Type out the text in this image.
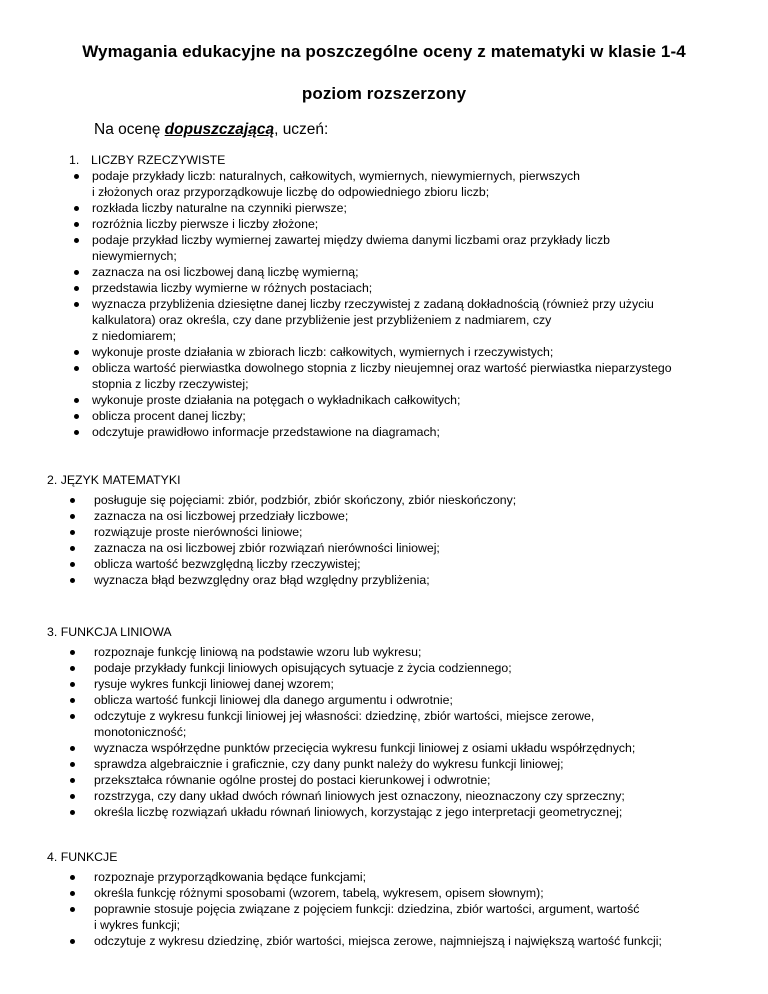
Wymagania edukacyjne na poszczególne oceny z matematyki w klasie 1-4
poziom rozszerzony
Na ocenę dopuszczającą, uczeń:
1. LICZBY RZECZYWISTE
podaje przykłady liczb: naturalnych, całkowitych, wymiernych, niewymiernych, pierwszych
i złożonych oraz przyporządkowuje liczbę do odpowiedniego zbioru liczb;
rozkłada liczby naturalne na czynniki pierwsze;
rozróżnia liczby pierwsze i liczby złożone;
podaje przykład liczby wymiernej zawartej między dwiema danymi liczbami oraz przykłady liczb
niewymiernych;
zaznacza na osi liczbowej daną liczbę wymierną;
przedstawia liczby wymierne w różnych postaciach;
wyznacza przybliżenia dziesiętne danej liczby rzeczywistej z zadaną dokładnością (również przy użyciu
kalkulatora) oraz określa, czy dane przybliżenie jest przybliżeniem z nadmiarem, czy
z niedomiarem;
wykonuje proste działania w zbiorach liczb: całkowitych, wymiernych i rzeczywistych;
oblicza wartość pierwiastka dowolnego stopnia z liczby nieujemnej oraz wartość pierwiastka nieparzystego
stopnia z liczby rzeczywistej;
wykonuje proste działania na potęgach o wykładnikach całkowitych;
oblicza procent danej liczby;
odczytuje prawidłowo informacje przedstawione na diagramach;
2. JĘZYK MATEMATYKI
posługuje się pojęciami: zbiór, podzbiór, zbiór skończony, zbiór nieskończony;
zaznacza na osi liczbowej przedziały liczbowe;
rozwiązuje proste nierówności liniowe;
zaznacza na osi liczbowej zbiór rozwiązań nierówności liniowej;
oblicza wartość bezwzględną liczby rzeczywistej;
wyznacza błąd bezwzględny oraz błąd względny przybliżenia;
3. FUNKCJA LINIOWA
rozpoznaje funkcję liniową na podstawie wzoru lub wykresu;
podaje przykłady funkcji liniowych opisujących sytuacje z życia codziennego;
rysuje wykres funkcji liniowej danej wzorem;
oblicza wartość funkcji liniowej dla danego argumentu i odwrotnie;
odczytuje z wykresu funkcji liniowej jej własności: dziedzinę, zbiór wartości, miejsce zerowe,
monotoniczność;
wyznacza współrzędne punktów przecięcia wykresu funkcji liniowej z osiami układu współrzędnych;
sprawdza algebraicznie i graficznie, czy dany punkt należy do wykresu funkcji liniowej;
przekształca równanie ogólne prostej do postaci kierunkowej i odwrotnie;
rozstrzyga, czy dany układ dwóch równań liniowych jest oznaczony, nieoznaczony czy sprzeczny;
określa liczbę rozwiązań układu równań liniowych, korzystając z jego interpretacji geometrycznej;
4. FUNKCJE
rozpoznaje przyporządkowania będące funkcjami;
określa funkcję różnymi sposobami (wzorem, tabelą, wykresem, opisem słownym);
poprawnie stosuje pojęcia związane z pojęciem funkcji: dziedzina, zbiór wartości, argument, wartość
i wykres funkcji;
odczytuje z wykresu dziedzinę, zbiór wartości, miejsca zerowe, najmniejszą i największą wartość funkcji;
